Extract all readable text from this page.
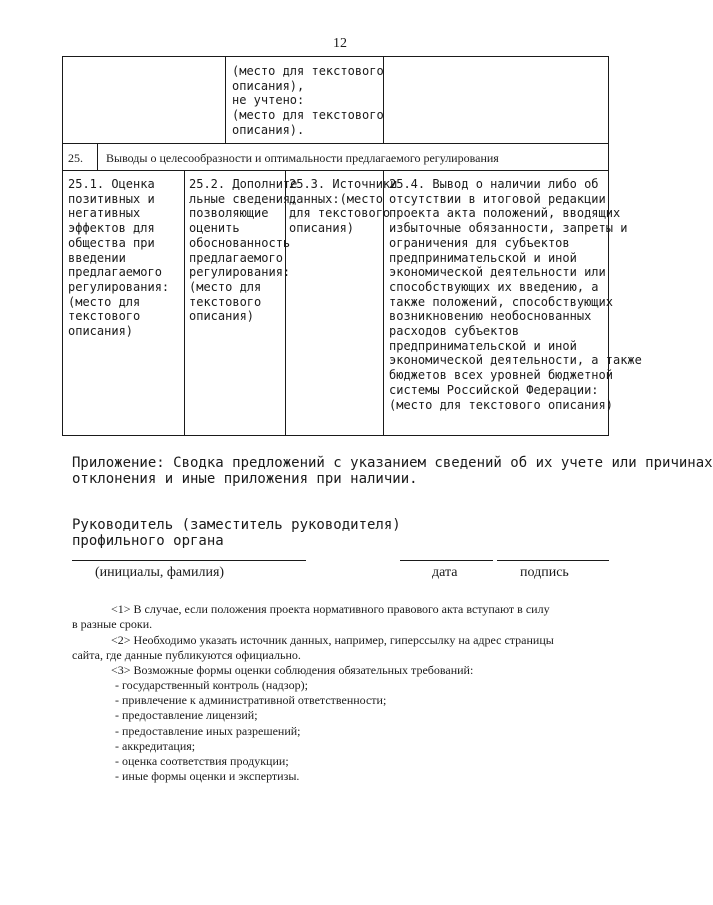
12
(место для текстового
описания),
не учтено:
(место для текстового
описания).
25. Выводы о целесообразности и оптимальности предлагаемого регулирования
25.1. Оценка
позитивных и
негативных
эффектов для
общества при
введении
предлагаемого
регулирования:
(место для
текстового
описания)
25.2. Дополните
льные сведения,
позволяющие
оценить
обоснованность
предлагаемого
регулирования:
(место для
текстового
описания)
25.3. Источники
данных:(место
для текстового
описания)
25.4. Вывод о наличии либо об
отсутствии в итоговой редакции
проекта акта положений, вводящих
избыточные обязанности, запреты и
ограничения для субъектов
предпринимательской и иной
экономической деятельности или
способствующих их введению, а
также положений, способствующих
возникновению необоснованных
расходов субъектов
предпринимательской и иной
экономической деятельности, а также
бюджетов всех уровней бюджетной
системы Российской Федерации:
(место для текстового описания)
Приложение: Сводка предложений с указанием сведений об их учете или причинах
отклонения и иные приложения при наличии.
Руководитель (заместитель руководителя)
профильного органа
(инициалы, фамилия)	дата	подпись
<1> В случае, если положения проекта нормативного правового акта вступают в силу
в разные сроки.
<2> Необходимо указать источник данных, например, гиперссылку на адрес страницы
сайта, где данные публикуются официально.
<3> Возможные формы оценки соблюдения обязательных требований:
- государственный контроль (надзор);
- привлечение к административной ответственности;
- предоставление лицензий;
- предоставление иных разрешений;
- аккредитация;
- оценка соответствия продукции;
- иные формы оценки и экспертизы.
